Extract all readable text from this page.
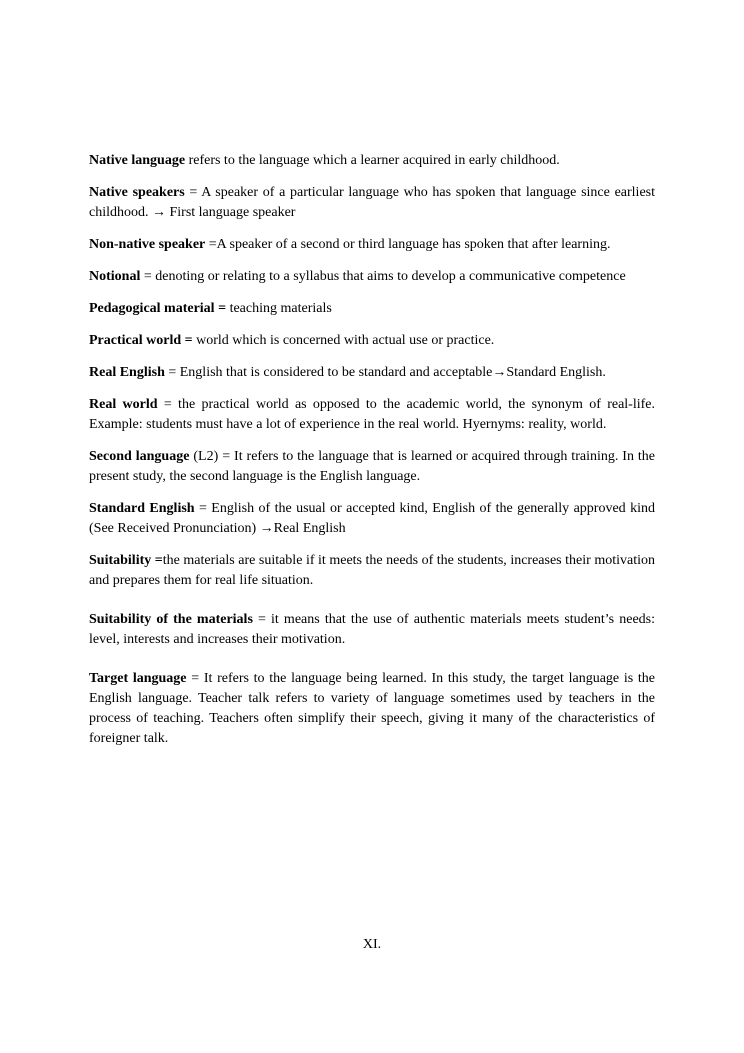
Native language refers to the language which a learner acquired in early childhood.

Native speakers = A speaker of a particular language who has spoken that language since earliest childhood. → First language speaker

Non-native speaker =A speaker of a second or third language has spoken that after learning.

Notional = denoting or relating to a syllabus that aims to develop a communicative competence

Pedagogical material = teaching materials

Practical world = world which is concerned with actual use or practice.

Real English = English that is considered to be standard and acceptable→Standard English.

Real world = the practical world as opposed to the academic world, the synonym of real-life. Example: students must have a lot of experience in the real world. Hyernyms: reality, world.

Second language (L2) = It refers to the language that is learned or acquired through training. In the present study, the second language is the English language.

Standard English = English of the usual or accepted kind, English of the generally approved kind (See Received Pronunciation) →Real English

Suitability =the materials are suitable if it meets the needs of the students, increases their motivation and prepares them for real life situation.

Suitability of the materials = it means that the use of authentic materials meets student’s needs: level, interests and increases their motivation.

Target language = It refers to the language being learned. In this study, the target language is the English language. Teacher talk refers to variety of language sometimes used by teachers in the process of teaching. Teachers often simplify their speech, giving it many of the characteristics of foreigner talk.

XI.
